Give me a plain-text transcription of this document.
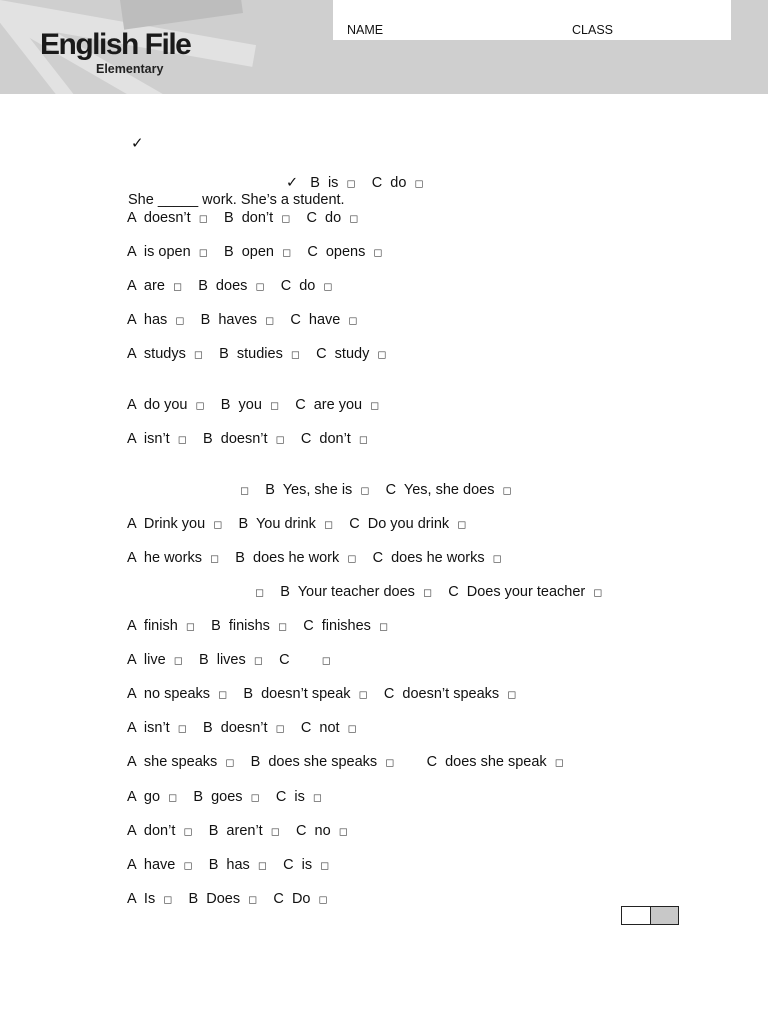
English File
Elementary
NAME	CLASS
✓
✓   B  is  ◻    C  do  ◻
She _____ work. She’s a student.
A  doesn’t  ◻    B  don’t  ◻    C  do  ◻
A  is open  ◻    B  open  ◻    C  opens  ◻
A  are  ◻    B  does  ◻    C  do  ◻
A  has  ◻    B  haves  ◻    C  have  ◻
A  studys  ◻    B  studies  ◻    C  study  ◻
A  do you  ◻    B  you  ◻    C  are you  ◻
A  isn’t  ◻    B  doesn’t  ◻    C  don’t  ◻
◻    B  Yes, she is  ◻    C  Yes, she does  ◻
A  Drink you  ◻    B  You drink  ◻    C  Do you drink  ◻
A  he works  ◻    B  does he work  ◻    C  does he works  ◻
◻    B  Your teacher does  ◻    C  Does your teacher  ◻
A  finish  ◻    B  finishs  ◻    C  finishes  ◻
A  live  ◻    B  lives  ◻    C        ◻
A  no speaks  ◻    B  doesn’t speak  ◻    C  doesn’t speaks  ◻
A  isn’t  ◻    B  doesn’t  ◻    C  not  ◻
A  she speaks  ◻    B  does she speaks  ◻        C  does she speak  ◻
A  go  ◻    B  goes  ◻    C  is  ◻
A  don’t  ◻    B  aren’t  ◻    C  no  ◻
A  have  ◻    B  has  ◻    C  is  ◻
A  Is  ◻    B  Does  ◻    C  Do  ◻
